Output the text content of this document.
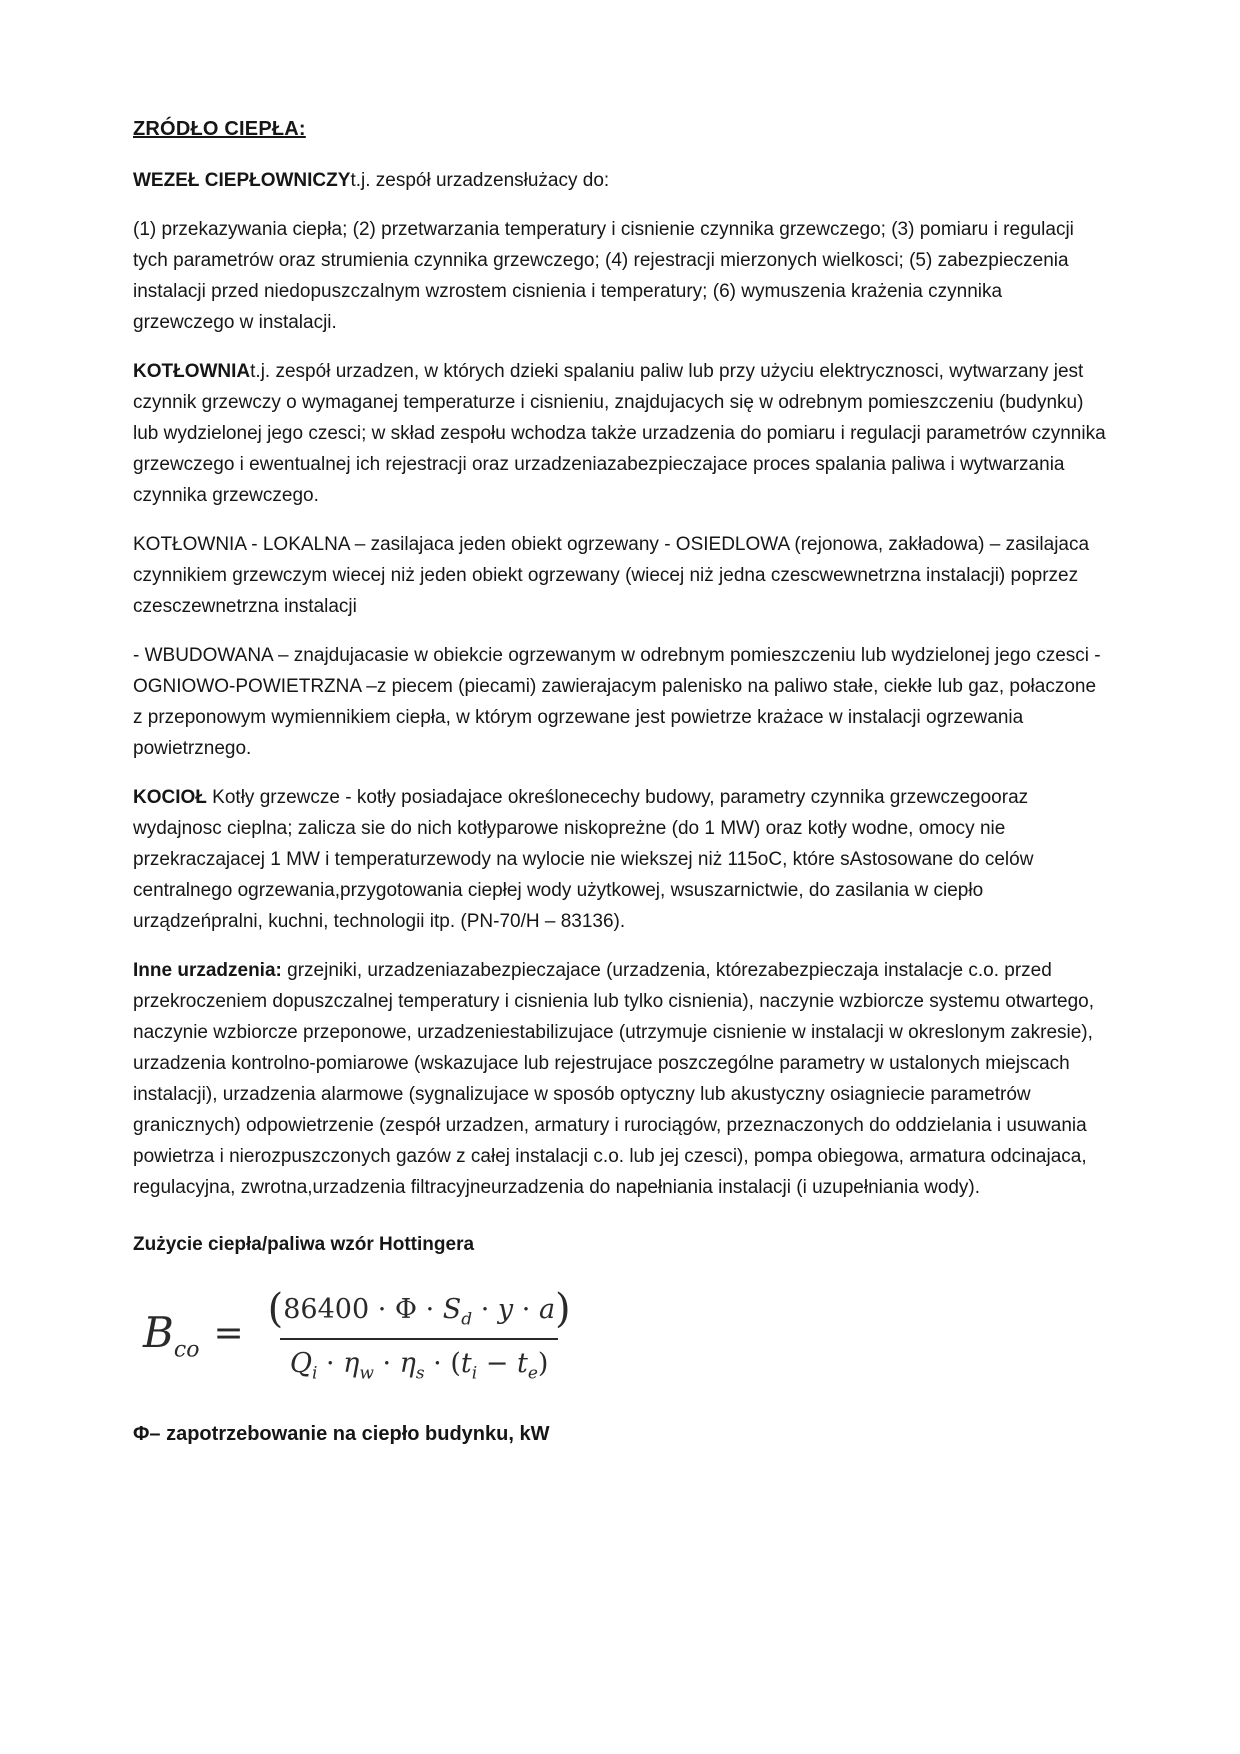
ZRÓDŁO CIEPŁA:

WEZEŁ CIEPŁOWNICZYt.j. zespół urzadzensłużacy do:

(1) przekazywania ciepła; (2) przetwarzania temperatury i cisnienie czynnika grzewczego; (3) pomiaru i regulacji tych parametrów oraz strumienia czynnika grzewczego; (4) rejestracji mierzonych wielkosci; (5) zabezpieczenia instalacji przed niedopuszczalnym wzrostem cisnienia i temperatury; (6) wymuszenia krażenia czynnika grzewczego w instalacji.

KOTŁOWNIAt.j. zespół urzadzen, w których dzieki spalaniu paliw lub przy użyciu elektrycznosci, wytwarzany jest czynnik grzewczy o wymaganej temperaturze i cisnieniu, znajdujacych się w odrebnym pomieszczeniu (budynku) lub wydzielonej jego czesci; w skład zespołu wchodza także urzadzenia do pomiaru i regulacji parametrów czynnika grzewczego i ewentualnej ich rejestracji oraz urzadzeniazabezpieczajace proces spalania paliwa i wytwarzania czynnika grzewczego.

KOTŁOWNIA - LOKALNA – zasilajaca jeden obiekt ogrzewany - OSIEDLOWA (rejonowa, zakładowa) – zasilajaca czynnikiem grzewczym wiecej niż jeden obiekt ogrzewany (wiecej niż jedna czescwewnetrzna instalacji) poprzez czesczewnetrzna instalacji

- WBUDOWANA – znajdujacasie w obiekcie ogrzewanym w odrebnym pomieszczeniu lub wydzielonej jego czesci - OGNIOWO-POWIETRZNA –z piecem (piecami) zawierajacym palenisko na paliwo stałe, ciekłe lub gaz, połaczone z przeponowym wymiennikiem ciepła, w którym ogrzewane jest powietrze krażace w instalacji ogrzewania powietrznego.

KOCIOŁ Kotły grzewcze - kotły posiadajace określonecechy budowy, parametry czynnika grzewczegooraz wydajnosc cieplna; zalicza sie do nich kotłyparowe niskopreżne (do 1 MW) oraz kotły wodne, omocy nie przekraczajacej 1 MW i temperaturzewody na wylocie nie wiekszej niż 115oC, które sAstosowane do celów centralnego ogrzewania,przygotowania ciepłej wody użytkowej, wsuszarnictwie, do zasilania w ciepło urządzeńpralni, kuchni, technologii itp. (PN-70/H – 83136).

Inne urzadzenia: grzejniki, urzadzeniazabezpieczajace (urzadzenia, którezabezpieczaja instalacje c.o. przed przekroczeniem dopuszczalnej temperatury i cisnienia lub tylko cisnienia), naczynie wzbiorcze systemu otwartego, naczynie wzbiorcze przeponowe, urzadzeniestabilizujace (utrzymuje cisnienie w instalacji w okreslonym zakresie), urzadzenia kontrolno-pomiarowe (wskazujace lub rejestrujace poszczególne parametry w ustalonych miejscach instalacji), urzadzenia alarmowe (sygnalizujace w sposób optyczny lub akustyczny osiagniecie parametrów granicznych) odpowietrzenie (zespół urzadzen, armatury i rurociągów, przeznaczonych do oddzielania i usuwania powietrza i nierozpuszczonych gazów z całej instalacji c.o. lub jej czesci), pompa obiegowa, armatura odcinajaca, regulacyjna, zwrotna,urzadzenia filtracyjneurzadzenia do napełniania instalacji (i uzupełniania wody).

Zużycie ciepła/paliwa wzór Hottingera

$B_{co} = \frac{(86400 \cdot \Phi \cdot S_d \cdot y \cdot a)}{Q_i \cdot \eta_w \cdot \eta_s \cdot (t_i - t_e)}$

Φ– zapotrzebowanie na ciepło budynku, kW
